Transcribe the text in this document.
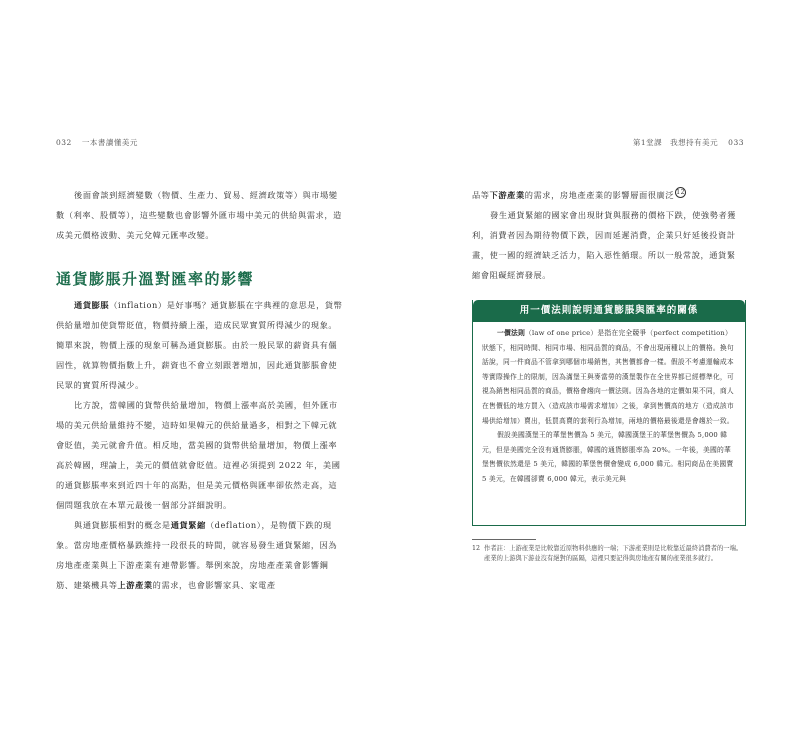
032 一本書讀懂美元

後面會談到經濟變數（物價、生產力、貿易、經濟政策等）與市場變數（利率、股價等），這些變數也會影響外匯市場中美元的供給與需求，造成美元價格波動、美元兌韓元匯率改變。

通貨膨脹升溫對匯率的影響

通貨膨脹（inflation）是好事嗎？通貨膨脹在字典裡的意思是，貨幣供給量增加使貨幣貶值，物價持續上漲，造成民眾實質所得減少的現象。簡單來說，物價上漲的現象可稱為通貨膨脹。由於一般民眾的薪資具有僵固性，就算物價指數上升，薪資也不會立刻跟著增加，因此通貨膨脹會使民眾的實質所得減少。

比方說，當韓國的貨幣供給量增加，物價上漲率高於美國，但外匯市場的美元供給量維持不變，這時如果韓元的供給量過多，相對之下韓元就會貶值，美元就會升值。相反地，當美國的貨幣供給量增加，物價上漲率高於韓國，理論上，美元的價值就會貶值。這裡必須提到 2022 年，美國的通貨膨脹率來到近四十年的高點，但是美元價格與匯率卻依然走高，這個問題我放在本單元最後一個部分詳細說明。

與通貨膨脹相對的概念是通貨緊縮（deflation），是物價下跌的現象。當房地產價格暴跌維持一段很長的時間，就容易發生通貨緊縮，因為房地產產業與上下游產業有連帶影響。舉例來說，房地產產業會影響鋼筋、建築機具等上游產業的需求，也會影響家具、家電產

第1堂課　我想持有美元 033

品等下游產業的需求，房地產產業的影響層面很廣泛 12

發生通貨緊縮的國家會出現財貨與服務的價格下跌，使強勢者獲利，消費者因為期待物價下跌，因而延遲消費，企業只好延後投資計畫，使一國的經濟缺乏活力，陷入惡性循環。所以一般常說，通貨緊縮會阻礙經濟發展。

用一價法則說明通貨膨脹與匯率的關係

一價法則（law of one price）是指在完全競爭（perfect competition）狀態下，相同時間、相同市場、相同品質的商品，不會出現兩種以上的價格。換句話說，同一件商品不管拿到哪個市場銷售，其售價都會一樣。假設不考慮運輸成本等實際操作上的限制，因為滿堡王與麥當勞的漢堡製作在全世界都已經標準化，可視為銷售相同品質的商品，價格會趨向一價法則。因為各地的定價如果不同，商人在售價低的地方買入（造成該市場需求增加）之後，拿到售價高的地方（造成該市場供給增加）賣出，低買高賣的套利行為增加，兩地的價格最後還是會趨於一致。

假設美國漢堡王的華堡售價為 5 美元，韓國漢堡王的華堡售價為 5,000 韓元，但是美國完全沒有通貨膨脹，韓國的通貨膨脹率為 20%。一年後，美國的華堡售價依然還是 5 美元，韓國的華堡售價會變成 6,000 韓元。相同商品在美國賣 5 美元，在韓國卻賣 6,000 韓元，表示美元與

12 作者註：上游產業是比較靠近原物料供應的一端；下游產業則是比較靠近最終消費者的一端。產業的上游與下游並沒有絕對的區隔，這裡只要記得與房地產有關的產業很多就行。
